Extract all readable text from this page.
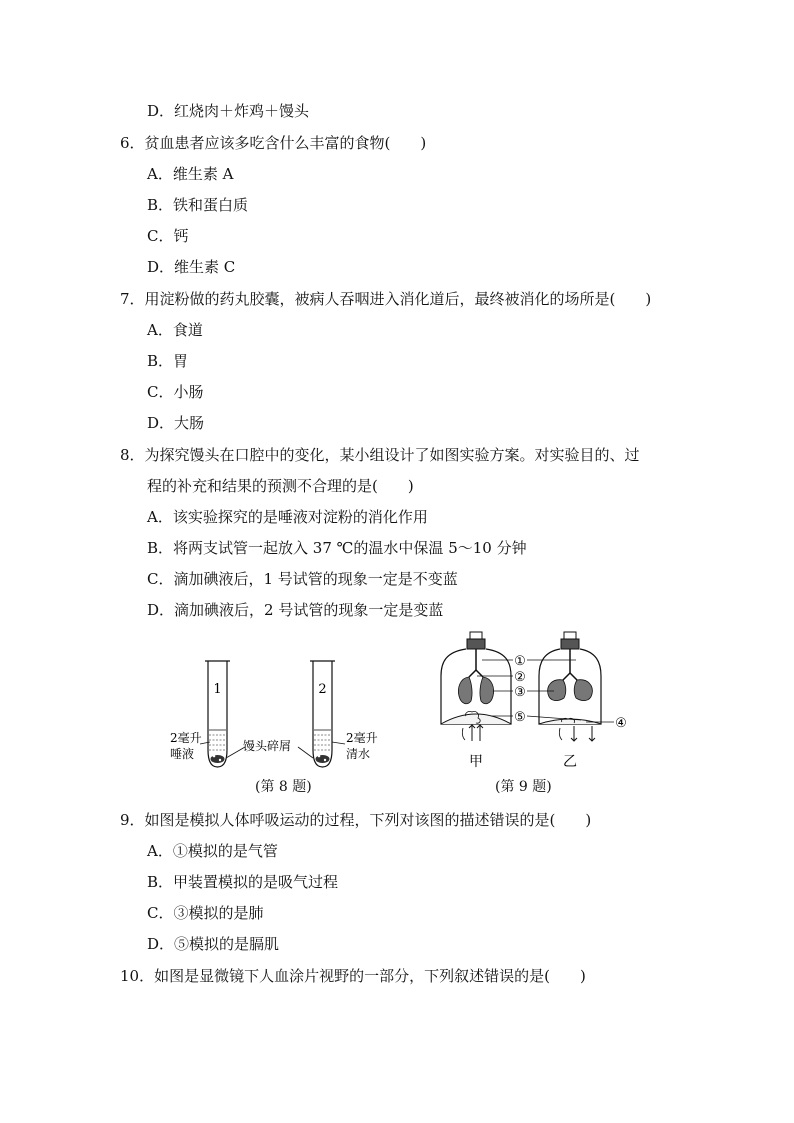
D．红烧肉＋炸鸡＋馒头
6．贫血患者应该多吃含什么丰富的食物(　　)
A．维生素 A
B．铁和蛋白质
C．钙
D．维生素 C
7．用淀粉做的药丸胶囊，被病人吞咽进入消化道后，最终被消化的场所是(　　)
A．食道
B．胃
C．小肠
D．大肠
8．为探究馒头在口腔中的变化，某小组设计了如图实验方案。对实验目的、过
程的补充和结果的预测不合理的是(　　)
A．该实验探究的是唾液对淀粉的消化作用
B．将两支试管一起放入 37 ℃的温水中保温 5～10 分钟
C．滴加碘液后，1 号试管的现象一定是不变蓝
D．滴加碘液后，2 号试管的现象一定是变蓝
1	2
2毫升
唾液
馒头碎屑
2毫升
清水
(第 8 题)
①
②
③
⑤	④
甲	乙
(第 9 题)
9．如图是模拟人体呼吸运动的过程，下列对该图的描述错误的是(　　)
A．①模拟的是气管
B．甲装置模拟的是吸气过程
C．③模拟的是肺
D．⑤模拟的是膈肌
10．如图是显微镜下人血涂片视野的一部分，下列叙述错误的是(　　)
